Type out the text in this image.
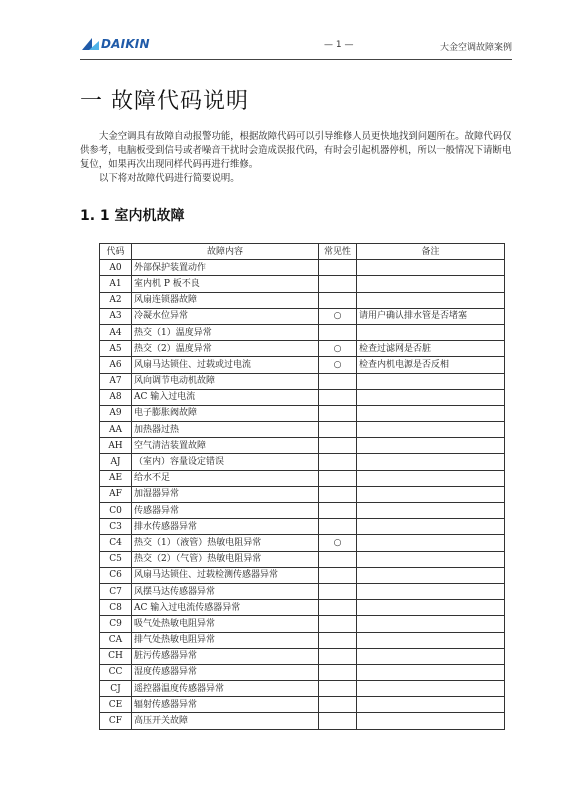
DAIKIN	— 1 —	大金空调故障案例
一 故障代码说明

大金空调具有故障自动报警功能，根据故障代码可以引导维修人员更快地找到问题所在。故障代码仅供参考，电脑板受到信号或者噪音干扰时会造成误报代码，有时会引起机器停机，所以一般情况下请断电复位，如果再次出现同样代码再进行维修。

以下将对故障代码进行简要说明。

1. 1 室内机故障
代码	故障内容	常见性	备注
A0	外部保护装置动作		
A1	室内机 P 板不良		
A2	风扇连锁器故障		
A3	冷凝水位异常	○	请用户确认排水管是否堵塞
A4	热交（1）温度异常		
A5	热交（2）温度异常	○	检查过滤网是否脏
A6	风扇马达锁住、过载或过电流	○	检查内机电源是否反相
A7	风向调节电动机故障		
A8	AC 输入过电流		
A9	电子膨胀阀故障		
AA	加热器过热		
AH	空气清洁装置故障		
AJ	（室内）容量设定错误		
AE	给水不足		
AF	加湿器异常		
C0	传感器异常		
C3	排水传感器异常		
C4	热交（1）（液管）热敏电阻异常	○	
C5	热交（2）（气管）热敏电阻异常		
C6	风扇马达锁住、过载检测传感器异常		
C7	风摆马达传感器异常		
C8	AC 输入过电流传感器异常		
C9	吸气处热敏电阻异常		
CA	排气处热敏电阻异常		
CH	脏污传感器异常		
CC	湿度传感器异常		
CJ	遥控器温度传感器异常		
CE	辐射传感器异常		
CF	高压开关故障		
